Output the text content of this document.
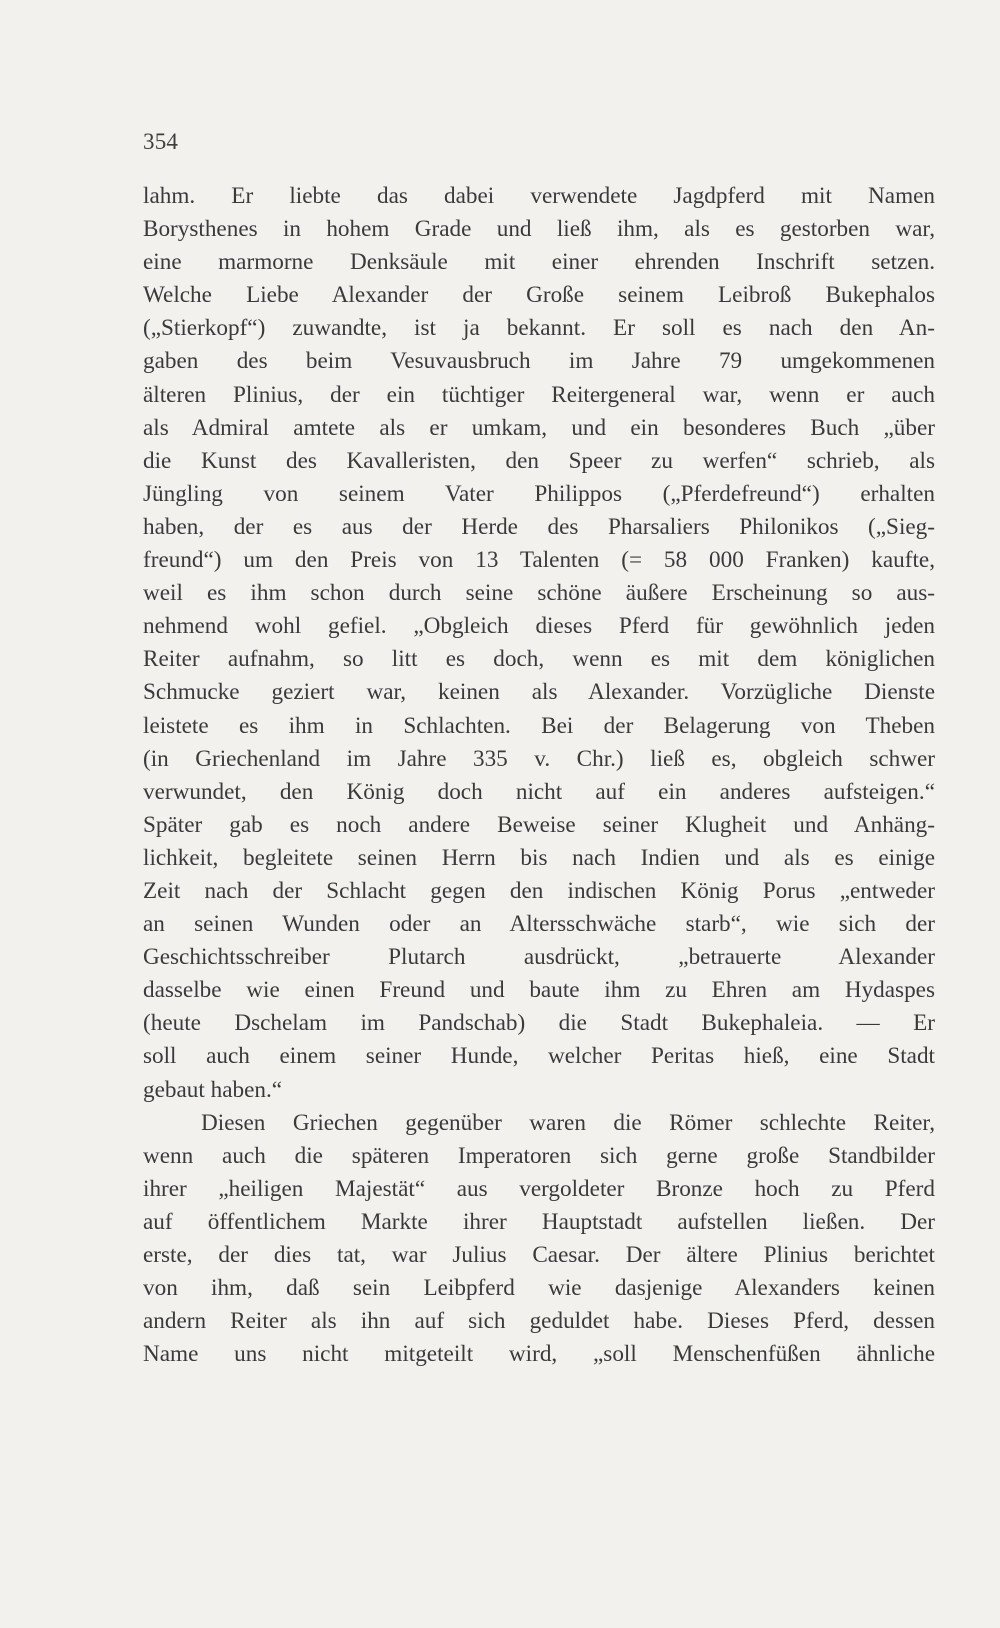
354
lahm. Er liebte das dabei verwendete Jagdpferd mit Namen
Borysthenes in hohem Grade und ließ ihm, als es gestorben war,
eine marmorne Denksäule mit einer ehrenden Inschrift setzen.
Welche Liebe Alexander der Große seinem Leibroß Bukephalos
(„Stierkopf“) zuwandte, ist ja bekannt. Er soll es nach den An-
gaben des beim Vesuvausbruch im Jahre 79 umgekommenen
älteren Plinius, der ein tüchtiger Reitergeneral war, wenn er auch
als Admiral amtete als er umkam, und ein besonderes Buch „über
die Kunst des Kavalleristen, den Speer zu werfen“ schrieb, als
Jüngling von seinem Vater Philippos („Pferdefreund“) erhalten
haben, der es aus der Herde des Pharsaliers Philonikos („Sieg-
freund“) um den Preis von 13 Talenten (= 58 000 Franken) kaufte,
weil es ihm schon durch seine schöne äußere Erscheinung so aus-
nehmend wohl gefiel. „Obgleich dieses Pferd für gewöhnlich jeden
Reiter aufnahm, so litt es doch, wenn es mit dem königlichen
Schmucke geziert war, keinen als Alexander. Vorzügliche Dienste
leistete es ihm in Schlachten. Bei der Belagerung von Theben
(in Griechenland im Jahre 335 v. Chr.) ließ es, obgleich schwer
verwundet, den König doch nicht auf ein anderes aufsteigen.“
Später gab es noch andere Beweise seiner Klugheit und Anhäng-
lichkeit, begleitete seinen Herrn bis nach Indien und als es einige
Zeit nach der Schlacht gegen den indischen König Porus „entweder
an seinen Wunden oder an Altersschwäche starb“, wie sich der
Geschichtsschreiber Plutarch ausdrückt, „betrauerte Alexander
dasselbe wie einen Freund und baute ihm zu Ehren am Hydaspes
(heute Dschelam im Pandschab) die Stadt Bukephaleia. — Er
soll auch einem seiner Hunde, welcher Peritas hieß, eine Stadt
gebaut haben.“
Diesen Griechen gegenüber waren die Römer schlechte Reiter,
wenn auch die späteren Imperatoren sich gerne große Standbilder
ihrer „heiligen Majestät“ aus vergoldeter Bronze hoch zu Pferd
auf öffentlichem Markte ihrer Hauptstadt aufstellen ließen. Der
erste, der dies tat, war Julius Caesar. Der ältere Plinius berichtet
von ihm, daß sein Leibpferd wie dasjenige Alexanders keinen
andern Reiter als ihn auf sich geduldet habe. Dieses Pferd, dessen
Name uns nicht mitgeteilt wird, „soll Menschenfüßen ähnliche
